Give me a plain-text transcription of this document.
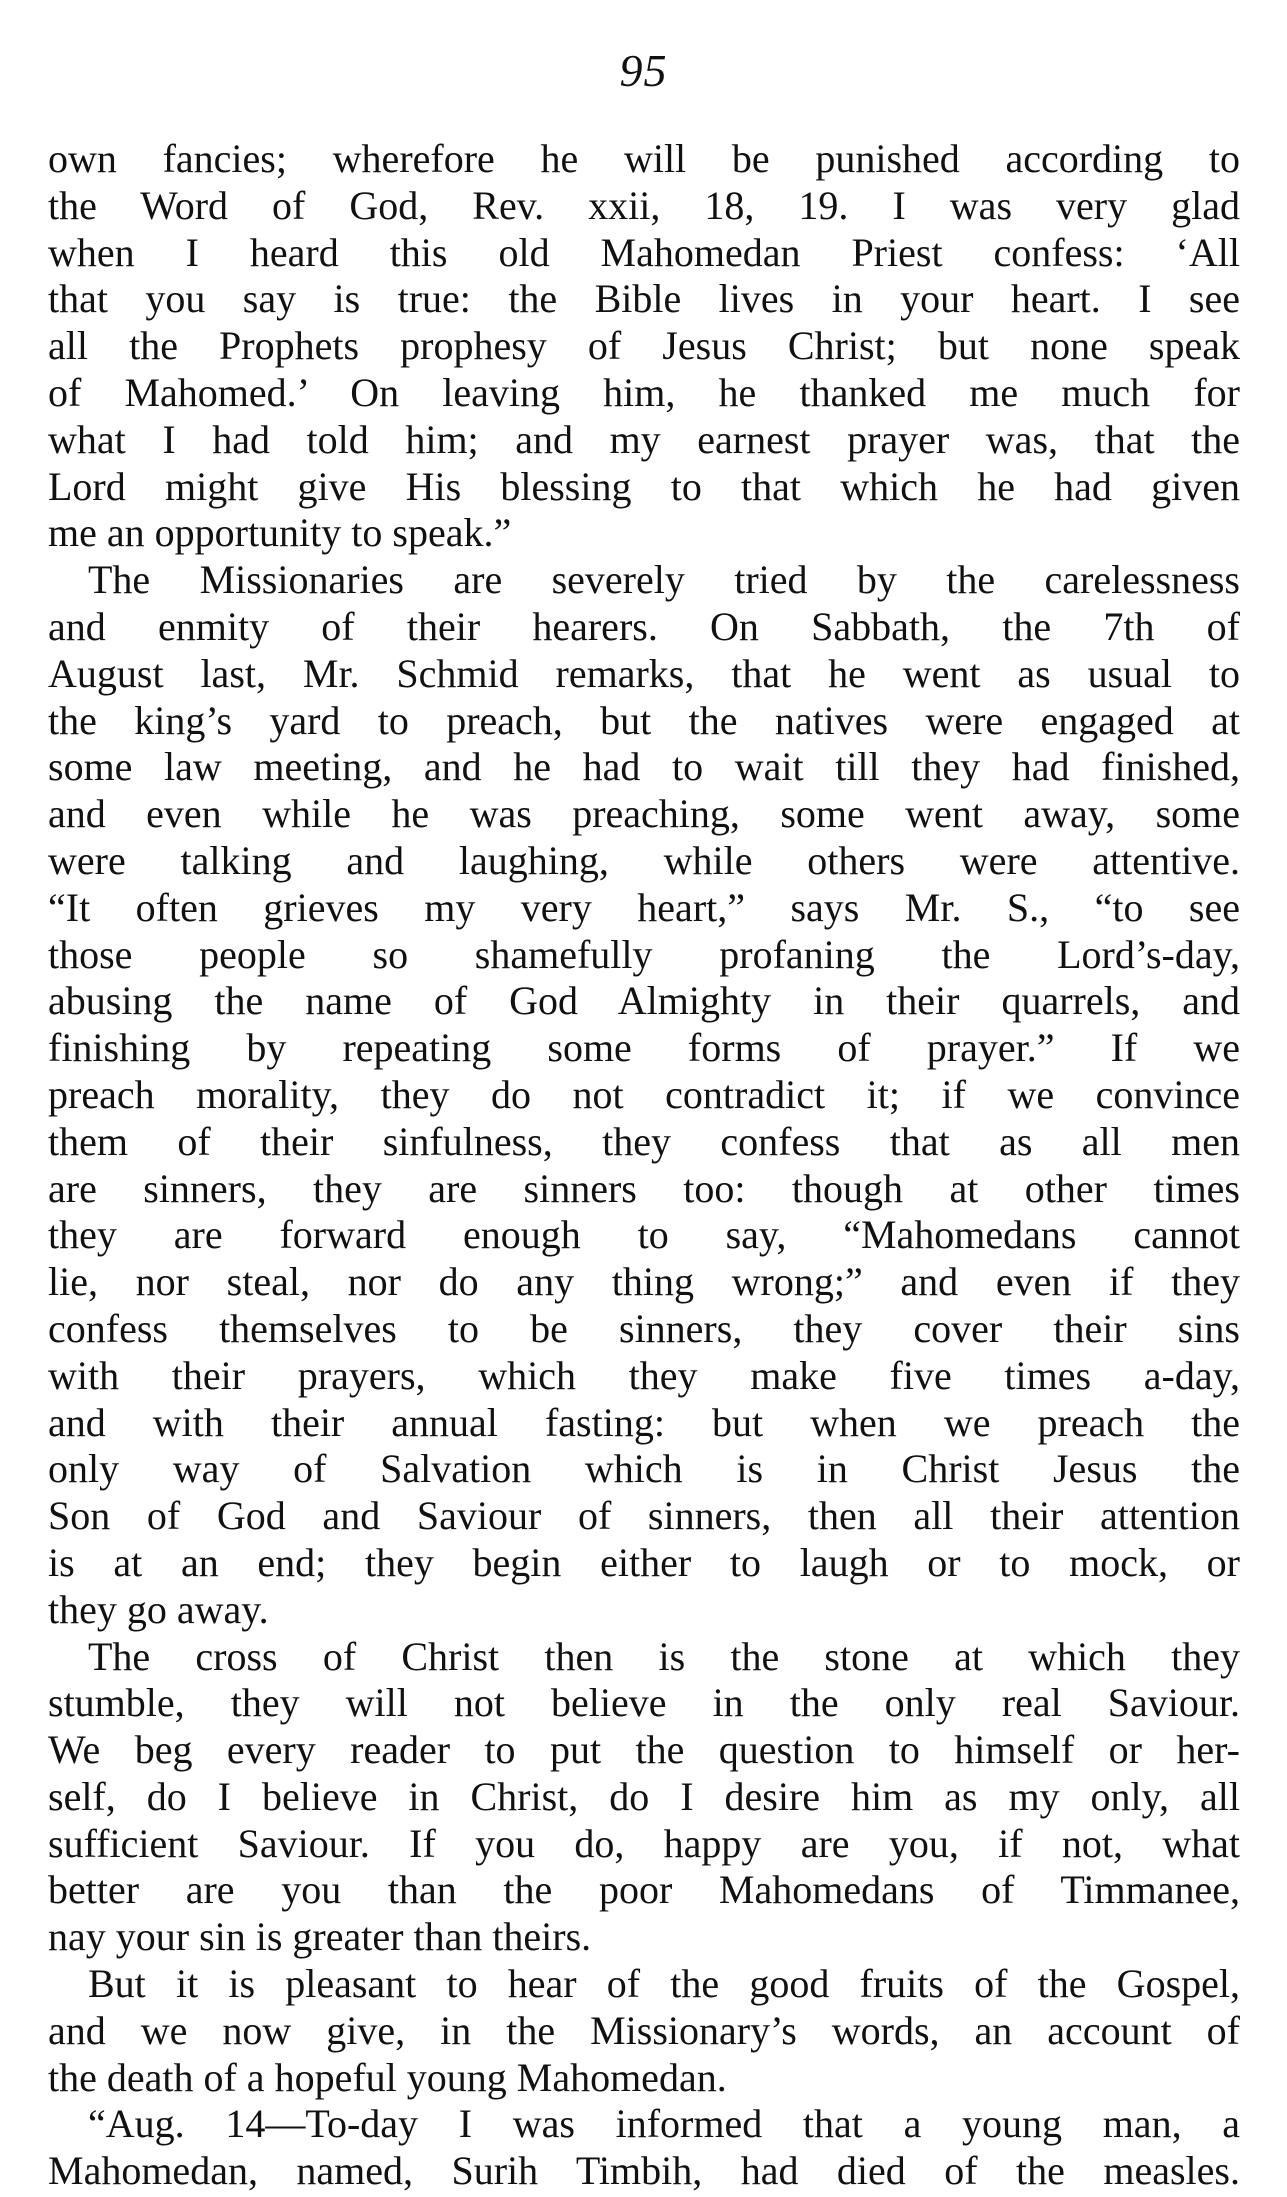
95
own fancies; wherefore he will be punished according to
the Word of God, Rev. xxii, 18, 19. I was very glad
when I heard this old Mahomedan Priest confess: ‘All
that you say is true: the Bible lives in your heart. I see
all the Prophets prophesy of Jesus Christ; but none speak
of Mahomed.’ On leaving him, he thanked me much for
what I had told him; and my earnest prayer was, that the
Lord might give His blessing to that which he had given
me an opportunity to speak.”
The Missionaries are severely tried by the carelessness
and enmity of their hearers. On Sabbath, the 7th of
August last, Mr. Schmid remarks, that he went as usual to
the king’s yard to preach, but the natives were engaged at
some law meeting, and he had to wait till they had finished,
and even while he was preaching, some went away, some
were talking and laughing, while others were attentive.
“It often grieves my very heart,” says Mr. S., “to see
those people so shamefully profaning the Lord’s-day,
abusing the name of God Almighty in their quarrels, and
finishing by repeating some forms of prayer.” If we
preach morality, they do not contradict it; if we convince
them of their sinfulness, they confess that as all men
are sinners, they are sinners too: though at other times
they are forward enough to say, “Mahomedans cannot
lie, nor steal, nor do any thing wrong;” and even if they
confess themselves to be sinners, they cover their sins
with their prayers, which they make five times a-day,
and with their annual fasting: but when we preach the
only way of Salvation which is in Christ Jesus the
Son of God and Saviour of sinners, then all their attention
is at an end; they begin either to laugh or to mock, or
they go away.
The cross of Christ then is the stone at which they
stumble, they will not believe in the only real Saviour.
We beg every reader to put the question to himself or her-
self, do I believe in Christ, do I desire him as my only, all
sufficient Saviour. If you do, happy are you, if not, what
better are you than the poor Mahomedans of Timmanee,
nay your sin is greater than theirs.
But it is pleasant to hear of the good fruits of the Gospel,
and we now give, in the Missionary’s words, an account of
the death of a hopeful young Mahomedan.
“Aug. 14—To-day I was informed that a young man, a
Mahomedan, named, Surih Timbih, had died of the measles.
